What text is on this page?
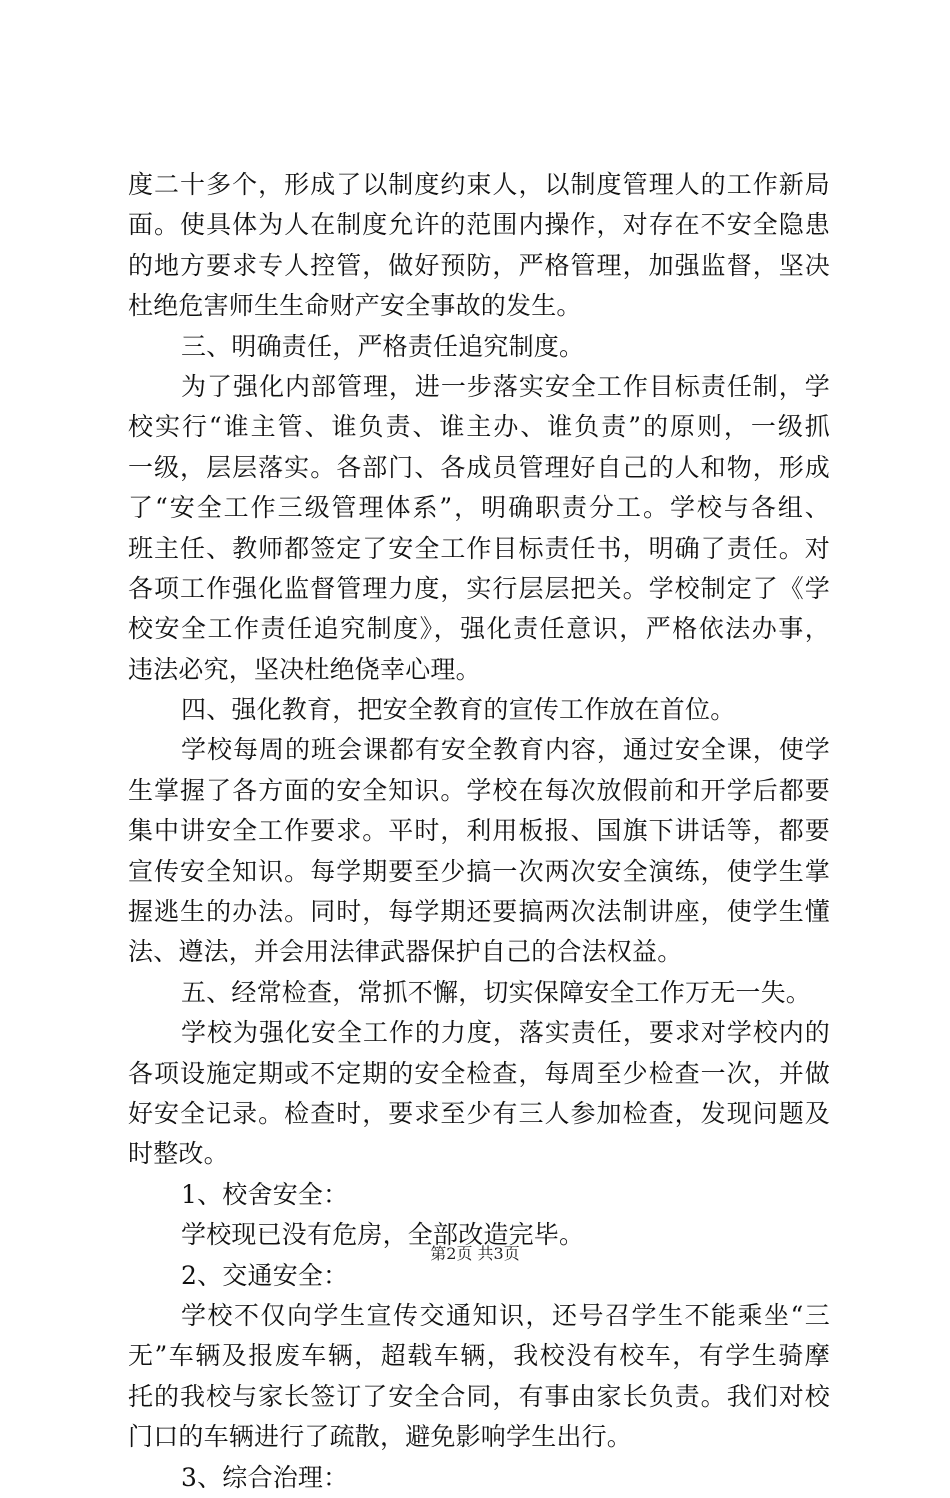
度二十多个，形成了以制度约束人，以制度管理人的工作新局
面。使具体为人在制度允许的范围内操作，对存在不安全隐患
的地方要求专人控管，做好预防，严格管理，加强监督，坚决
杜绝危害师生生命财产安全事故的发生。
三、明确责任，严格责任追究制度。
为了强化内部管理，进一步落实安全工作目标责任制，学
校实行“谁主管、谁负责、谁主办、谁负责”的原则，一级抓
一级，层层落实。各部门、各成员管理好自己的人和物，形成
了“安全工作三级管理体系”，明确职责分工。学校与各组、
班主任、教师都签定了安全工作目标责任书，明确了责任。对
各项工作强化监督管理力度，实行层层把关。学校制定了《学
校安全工作责任追究制度》，强化责任意识，严格依法办事，
违法必究，坚决杜绝侥幸心理。
四、强化教育，把安全教育的宣传工作放在首位。
学校每周的班会课都有安全教育内容，通过安全课，使学
生掌握了各方面的安全知识。学校在每次放假前和开学后都要
集中讲安全工作要求。平时，利用板报、国旗下讲话等，都要
宣传安全知识。每学期要至少搞一次两次安全演练，使学生掌
握逃生的办法。同时，每学期还要搞两次法制讲座，使学生懂
法、遵法，并会用法律武器保护自己的合法权益。
五、经常检查，常抓不懈，切实保障安全工作万无一失。
学校为强化安全工作的力度，落实责任，要求对学校内的
各项设施定期或不定期的安全检查，每周至少检查一次，并做
好安全记录。检查时，要求至少有三人参加检查，发现问题及
时整改。
1、校舍安全：
学校现已没有危房，全部改造完毕。
2、交通安全：
学校不仅向学生宣传交通知识，还号召学生不能乘坐“三
无”车辆及报废车辆，超载车辆，我校没有校车，有学生骑摩
托的我校与家长签订了安全合同，有事由家长负责。我们对校
门口的车辆进行了疏散，避免影响学生出行。
3、综合治理：
第2页 共3页
